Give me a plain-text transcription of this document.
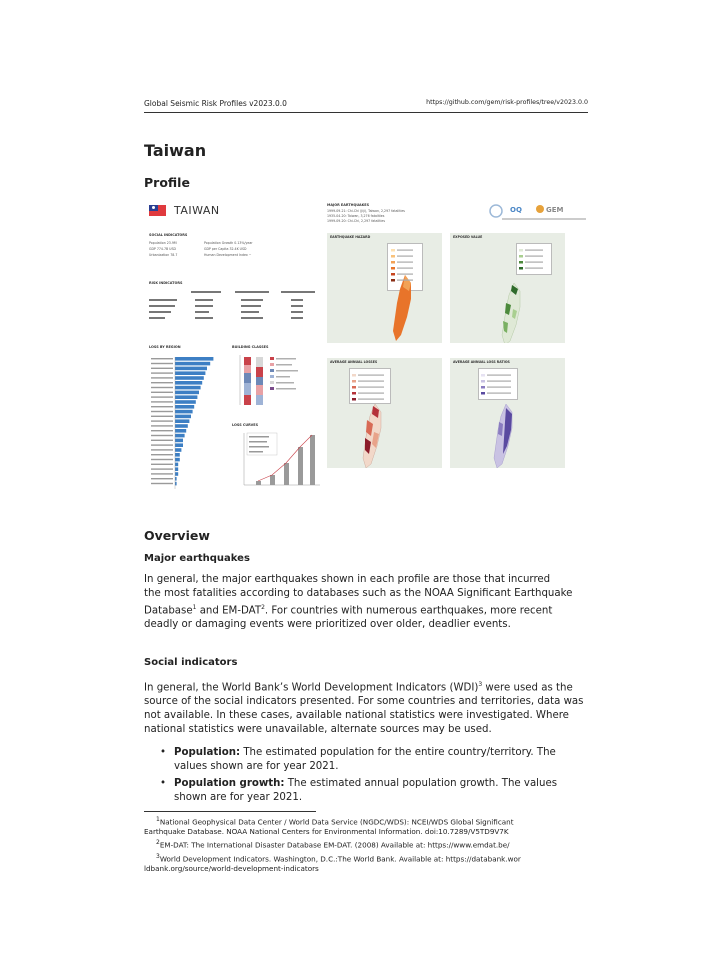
Global Seismic Risk Profiles v2023.0.0	https://github.com/gem/risk-profiles/tree/v2023.0.0
Taiwan
Profile
TAIWAN	MAJOR EARTHQUAKES
1999-09-21: Chi-Chi (Jiji), Taiwan, 2,297 fatalities
1935-04-20: Taiwan, 3,276 fatalities
1999-09-20: Chi-Chi, 2,297 fatalities
OQ	GEM
SOCIAL INDICATORS
Population 23.9M
GDP 774.7B USD
Urbanization 78.7
Population Growth 0.13%/year
GDP per Capita 32.4K USD
Human Development Index ~
RISK INDICATORS
LOSS BY REGION	BUILDING CLASSES
LOSS CURVES
EARTHQUAKE HAZARD	EXPOSED VALUE
AVERAGE ANNUAL LOSSES	AVERAGE ANNUAL LOSS RATIOS
Overview
Major earthquakes
In general, the major earthquakes shown in each profile are those that incurred
the most fatalities according to databases such as the NOAA Significant Earthquake
Database$^1$ and EM-DAT$^2$. For countries with numerous earthquakes, more recent
deadly or damaging events were prioritized over older, deadlier events.
Social indicators
In general, the World Bank’s World Development Indicators (WDI)$^3$ were used as the
source of the social indicators presented. For some countries and territories, data was
not available. In these cases, available national statistics were investigated. Where
national statistics were unavailable, alternate sources may be used.
• Population: The estimated population for the entire country/territory. The
values shown are for year 2021.
• Population growth: The estimated annual population growth. The values
shown are for year 2021.
$^1$National Geophysical Data Center / World Data Service (NGDC/WDS): NCEI/WDS Global Significant
Earthquake Database. NOAA National Centers for Environmental Information. doi:10.7289/V5TD9V7K
$^2$EM-DAT: The International Disaster Database EM-DAT. (2008) Available at: https://www.emdat.be/
$^3$World Development Indicators. Washington, D.C.:The World Bank. Available at: https://databank.wor
ldbank.org/source/world-development-indicators
